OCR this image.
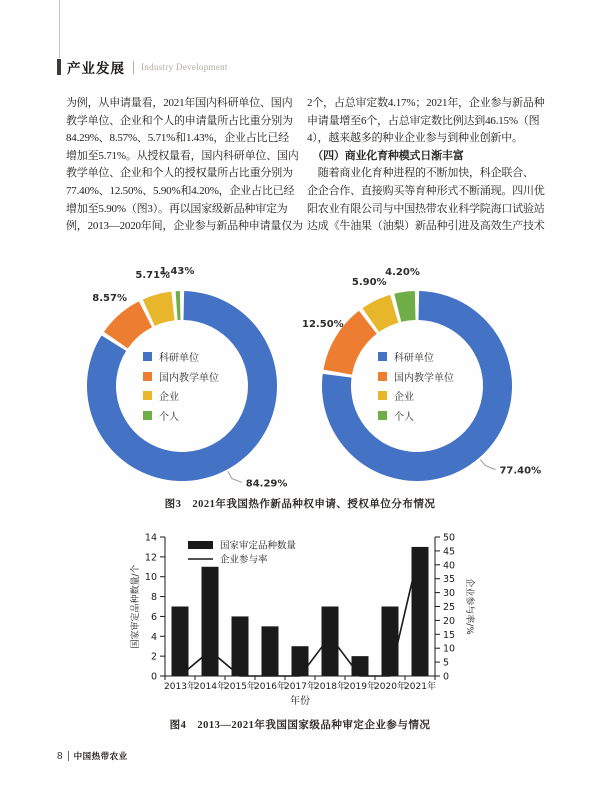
产业发展 Industry Development
为例，从申请量看，2021年国内科研单位、国内
教学单位、企业和个人的申请量所占比重分别为
84.29%、8.57%、5.71%和1.43%，企业占比已经
增加至5.71%。从授权量看，国内科研单位、国内
教学单位、企业和个人的授权量所占比重分别为
77.40%、12.50%、5.90%和4.20%，企业占比已经
增加至5.90%（图3）。再以国家级新品种审定为
例，2013—2020年间，企业参与新品种申请量仅为
2个，占总审定数4.17%；2021年，企业参与新品种
申请量增至6个，占总审定数比例达到46.15%（图
4），越来越多的种业企业参与到种业创新中。
　（四）商业化育种模式日渐丰富
　随着商业化育种进程的不断加快，科企联合、
企企合作、直接购买等育种形式不断涌现。四川优
阳农业有限公司与中国热带农业科学院海口试验站
达成《牛油果（油梨）新品种引进及高效生产技术
84.29%
8.57%
5.71%
1.43%
科研单位
国内教学单位
企业
个人
77.40%
12.50%
5.90%
4.20%
科研单位
国内教学单位
企业
个人
图3　2021年我国热作新品种权申请、授权单位分布情况
0
2
4
6
8
10
12
14
0
5
10
15
20
25
30
35
40
45
50
2013年
2014年
2015年
2016年
2017年
2018年
2019年
2020年
2021年
国家审定品种数量/个	企业参与率/%
年份
国家审定品种数量
企业参与率
图4　2013—2021年我国国家级品种审定企业参与情况
8 中国热带农业
